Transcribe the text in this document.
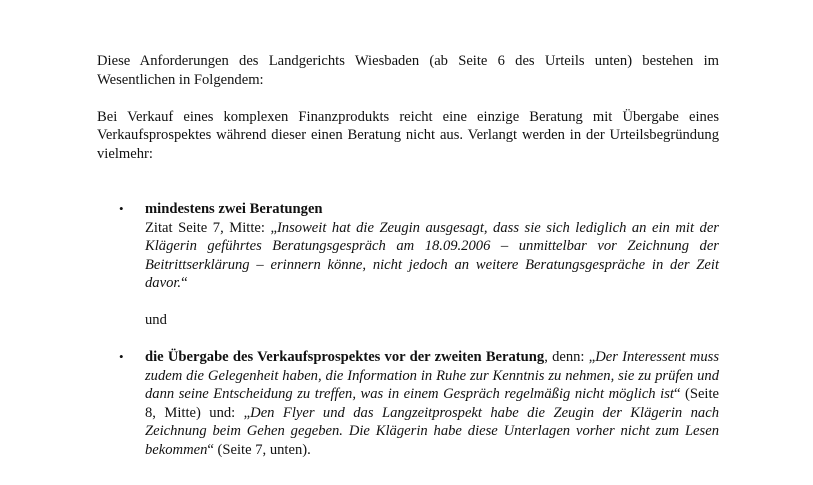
Diese Anforderungen des Landgerichts Wiesbaden (ab Seite 6 des Urteils unten) bestehen im Wesentlichen in Folgendem:

Bei Verkauf eines komplexen Finanzprodukts reicht eine einzige Beratung mit Übergabe eines Verkaufsprospektes während dieser einen Beratung nicht aus. Verlangt werden in der Urteilsbegründung vielmehr:

• mindestens zwei Beratungen

Zitat Seite 7, Mitte: „Insoweit hat die Zeugin ausgesagt, dass sie sich lediglich an ein mit der Klägerin geführtes Beratungsgespräch am 18.09.2006 – unmittelbar vor Zeichnung der Beitrittserklärung – erinnern könne, nicht jedoch an weitere Beratungsgespräche in der Zeit davor.“

und

• die Übergabe des Verkaufsprospektes vor der zweiten Beratung, denn: „Der Interessent muss zudem die Gelegenheit haben, die Information in Ruhe zur Kenntnis zu nehmen, sie zu prüfen und dann seine Entscheidung zu treffen, was in einem Gespräch regelmäßig nicht möglich ist“ (Seite 8, Mitte) und: „Den Flyer und das Langzeitprospekt habe die Zeugin der Klägerin nach Zeichnung beim Gehen gegeben. Die Klägerin habe diese Unterlagen vorher nicht zum Lesen bekommen“ (Seite 7, unten).
